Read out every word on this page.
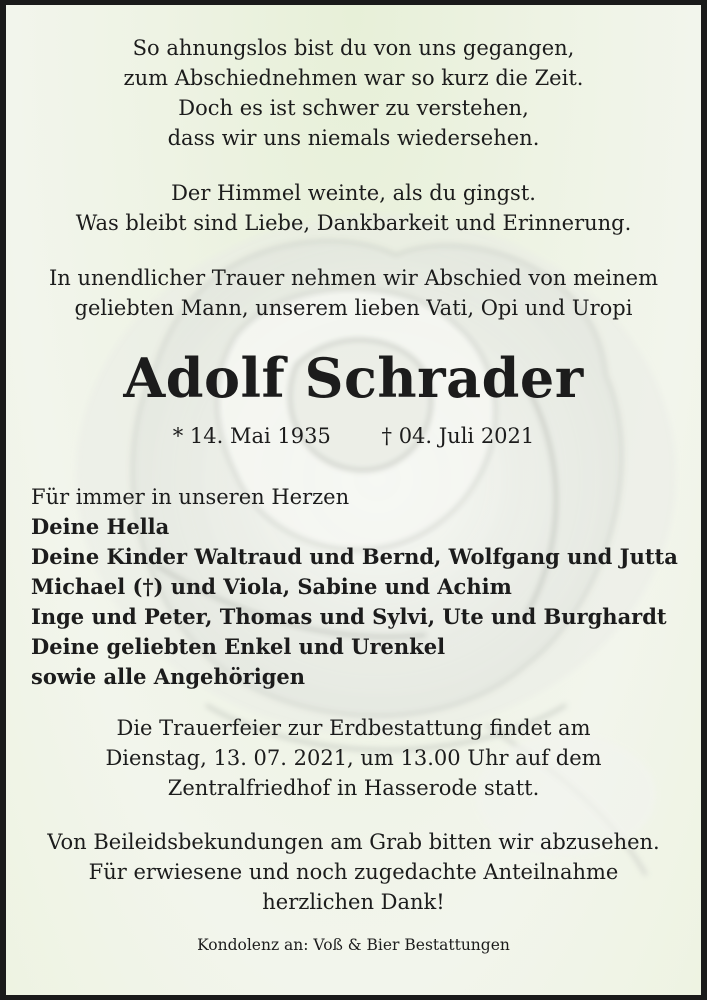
So ahnungslos bist du von uns gegangen,
zum Abschiednehmen war so kurz die Zeit.
Doch es ist schwer zu verstehen,
dass wir uns niemals wiedersehen.
Der Himmel weinte, als du gingst.
Was bleibt sind Liebe, Dankbarkeit und Erinnerung.
In unendlicher Trauer nehmen wir Abschied von meinem
geliebten Mann, unserem lieben Vati, Opi und Uropi
Adolf Schrader
* 14. Mai 1935 † 04. Juli 2021
Für immer in unseren Herzen
Deine Hella
Deine Kinder Waltraud und Bernd, Wolfgang und Jutta
Michael (†) und Viola, Sabine und Achim
Inge und Peter, Thomas und Sylvi, Ute und Burghardt
Deine geliebten Enkel und Urenkel
sowie alle Angehörigen
Die Trauerfeier zur Erdbestattung findet am
Dienstag, 13. 07. 2021, um 13.00 Uhr auf dem
Zentralfriedhof in Hasserode statt.
Von Beileidsbekundungen am Grab bitten wir abzusehen.
Für erwiesene und noch zugedachte Anteilnahme
herzlichen Dank!
Kondolenz an: Voß & Bier Bestattungen
